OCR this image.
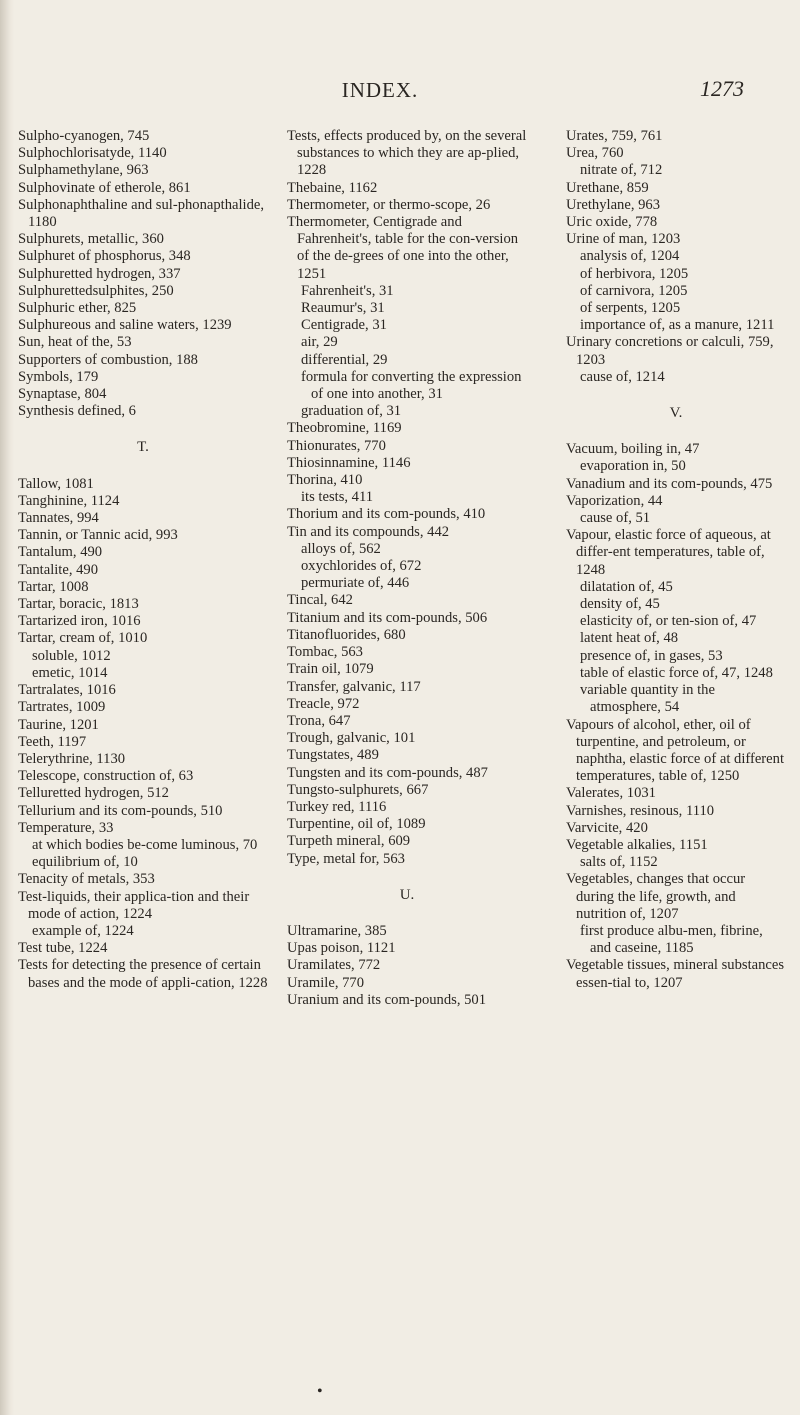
INDEX.	1273
Sulpho-cyanogen, 745
Sulphochlorisatyde, 1140
Sulphamethylane, 963
Sulphovinate of etherole, 861
Sulphonaphthaline and sul-phonapthalide, 1180
Sulphurets, metallic, 360
Sulphuret of phosphorus, 348
Sulphuretted hydrogen, 337
Sulphurettedsulphites, 250
Sulphuric ether, 825
Sulphureous and saline waters, 1239
Sun, heat of the, 53
Supporters of combustion, 188
Symbols, 179
Synaptase, 804
Synthesis defined, 6
T.
Tallow, 1081
Tanghinine, 1124
Tannates, 994
Tannin, or Tannic acid, 993
Tantalum, 490
Tantalite, 490
Tartar, 1008
Tartar, boracic, 1813
Tartarized iron, 1016
Tartar, cream of, 1010
soluble, 1012
emetic, 1014
Tartralates, 1016
Tartrates, 1009
Taurine, 1201
Teeth, 1197
Telerythrine, 1130
Telescope, construction of, 63
Telluretted hydrogen, 512
Tellurium and its com-pounds, 510
Temperature, 33
at which bodies be-come luminous, 70
equilibrium of, 10
Tenacity of metals, 353
Test-liquids, their applica-tion and their mode of action, 1224
example of, 1224
Test tube, 1224
Tests for detecting the presence of certain bases and the mode of appli-cation, 1228
Tests, effects produced by, on the several substances to which they are ap-plied, 1228
Thebaine, 1162
Thermometer, or thermo-scope, 26
Thermometer, Centigrade and Fahrenheit's, table for the con-version of the de-grees of one into the other, 1251
Fahrenheit's, 31
Reaumur's, 31
Centigrade, 31
air, 29
differential, 29
formula for converting the expression of one into another, 31
graduation of, 31
Theobromine, 1169
Thionurates, 770
Thiosinnamine, 1146
Thorina, 410
its tests, 411
Thorium and its com-pounds, 410
Tin and its compounds, 442
alloys of, 562
oxychlorides of, 672
permuriate of, 446
Tincal, 642
Titanium and its com-pounds, 506
Titanofluorides, 680
Tombac, 563
Train oil, 1079
Transfer, galvanic, 117
Treacle, 972
Trona, 647
Trough, galvanic, 101
Tungstates, 489
Tungsten and its com-pounds, 487
Tungsto-sulphurets, 667
Turkey red, 1116
Turpentine, oil of, 1089
Turpeth mineral, 609
Type, metal for, 563
U.
Ultramarine, 385
Upas poison, 1121
Uramilates, 772
Uramile, 770
Uranium and its com-pounds, 501
Urates, 759, 761
Urea, 760
nitrate of, 712
Urethane, 859
Urethylane, 963
Uric oxide, 778
Urine of man, 1203
analysis of, 1204
of herbivora, 1205
of carnivora, 1205
of serpents, 1205
importance of, as a manure, 1211
Urinary concretions or calculi, 759, 1203
cause of, 1214
V.
Vacuum, boiling in, 47
evaporation in, 50
Vanadium and its com-pounds, 475
Vaporization, 44
cause of, 51
Vapour, elastic force of aqueous, at differ-ent temperatures, table of, 1248
dilatation of, 45
density of, 45
elasticity of, or ten-sion of, 47
latent heat of, 48
presence of, in gases, 53
table of elastic force of, 47, 1248
variable quantity in the atmosphere, 54
Vapours of alcohol, ether, oil of turpentine, and petroleum, or naphtha, elastic force of at different temperatures, table of, 1250
Valerates, 1031
Varnishes, resinous, 1110
Varvicite, 420
Vegetable alkalies, 1151
salts of, 1152
Vegetables, changes that occur during the life, growth, and nutrition of, 1207
first produce albu-men, fibrine, and caseine, 1185
Vegetable tissues, mineral substances essen-tial to, 1207
•
